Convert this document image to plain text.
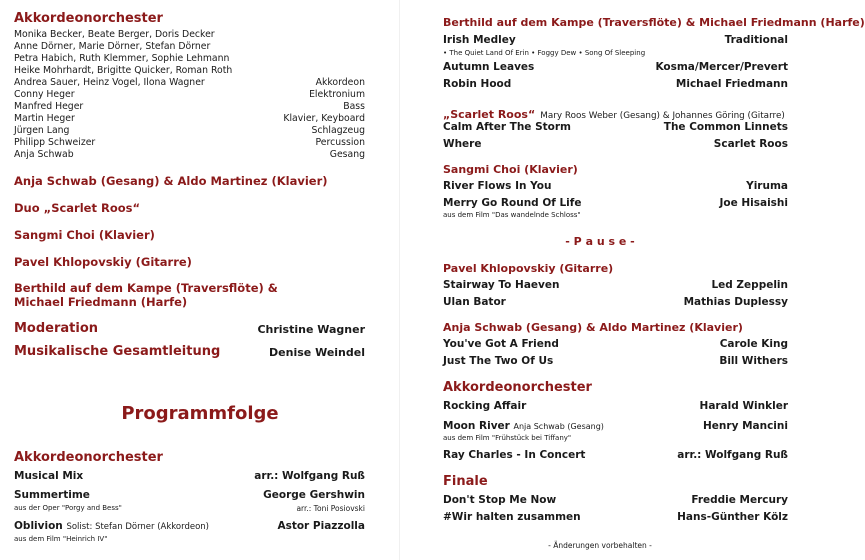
Akkordeonorchester
Monika Becker, Beate Berger, Doris Decker
Anne Dörner, Marie Dörner, Stefan Dörner
Petra Habich, Ruth Klemmer, Sophie Lehmann
Heike Mohrhardt, Brigitte Quicker, Roman Roth
Andrea Sauer, Heinz Vogel, Ilona Wagner	Akkordeon
Conny Heger	Elektronium
Manfred Heger	Bass
Martin Heger	Klavier, Keyboard
Jürgen Lang	Schlagzeug
Philipp Schweizer	Percussion
Anja Schwab	Gesang
Anja Schwab (Gesang) & Aldo Martinez (Klavier)
Duo „Scarlet Roos“
Sangmi Choi (Klavier)
Pavel Khlopovskiy (Gitarre)
Berthild auf dem Kampe (Traversflöte) &
Michael Friedmann (Harfe)
Moderation	Christine Wagner
Musikalische Gesamtleitung	Denise Weindel
Programmfolge
Akkordeonorchester
Musical Mix	arr.: Wolfgang Ruß
Summertime	George Gershwin
aus der Oper "Porgy and Bess"	arr.: Toni Posiovski
Oblivion Solist: Stefan Dörner (Akkordeon)	Astor Piazzolla
aus dem Film "Heinrich IV"
Berthild auf dem Kampe (Traversflöte) & Michael Friedmann (Harfe)
Irish Medley	Traditional
• The Quiet Land Of Erin • Foggy Dew • Song Of Sleeping
Autumn Leaves	Kosma/Mercer/Prevert
Robin Hood	Michael Friedmann
„Scarlet Roos“ Mary Roos Weber (Gesang) & Johannes Göring (Gitarre)
Calm After The Storm	The Common Linnets
Where	Scarlet Roos
Sangmi Choi (Klavier)
River Flows In You	Yiruma
Merry Go Round Of Life	Joe Hisaishi
aus dem Film "Das wandelnde Schloss"
- P a u s e -
Pavel Khlopovskiy (Gitarre)
Stairway To Haeven	Led Zeppelin
Ulan Bator	Mathias Duplessy
Anja Schwab (Gesang) & Aldo Martinez (Klavier)
You've Got A Friend	Carole King
Just The Two Of Us	Bill Withers
Akkordeonorchester
Rocking Affair	Harald Winkler
Moon River Anja Schwab (Gesang)	Henry Mancini
aus dem Film "Frühstück bei Tiffany"
Ray Charles - In Concert	arr.: Wolfgang Ruß
Finale
Don't Stop Me Now	Freddie Mercury
#Wir halten zusammen	Hans-Günther Kölz
- Änderungen vorbehalten -
